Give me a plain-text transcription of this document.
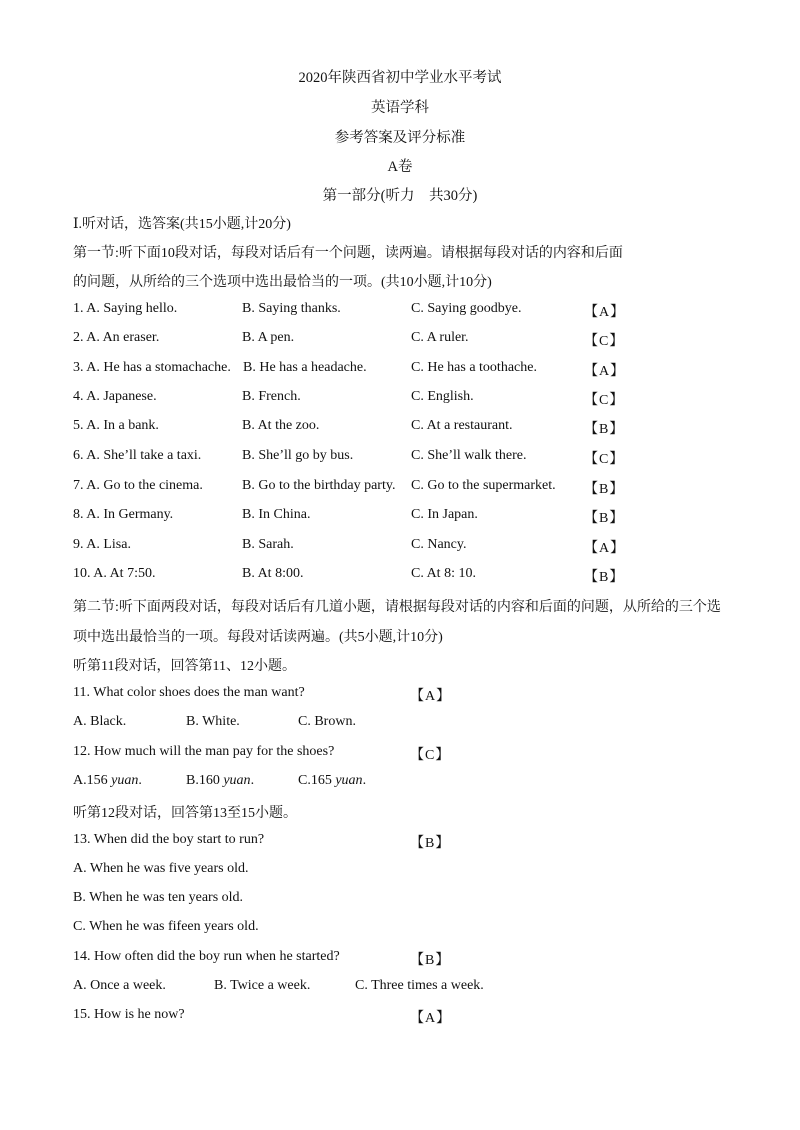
2020年陕西省初中学业水平考试
英语学科
参考答案及评分标准
A卷
第一部分(听力　共30分)
Ⅰ.听对话，选答案(共15小题,计20分)
第一节:听下面10段对话，每段对话后有一个问题，读两遍。请根据每段对话的内容和后面
的问题，从所给的三个选项中选出最恰当的一项。(共10小题,计10分)
1. A. Saying hello.	B. Saying thanks.	C. Saying goodbye.	【A】
2. A. An eraser.	B. A pen.	C. A ruler.	【C】
3. A. He has a stomachache. B. He has a headache.	C. He has a toothache.	【A】
4. A. Japanese.	B. French.	C. English.	【C】
5. A. In a bank.	B. At the zoo.	C. At a restaurant.	【B】
6. A. She’ll take a taxi.	B. She’ll go by bus.	C. She’ll walk there.	【C】
7. A. Go to the cinema.	B. Go to the birthday party. C. Go to the supermarket. 【B】
8. A. In Germany.	B. In China.	C. In Japan.	【B】
9. A. Lisa.	B. Sarah.	C. Nancy.	【A】
10. A. At 7:50.	B. At 8:00.	C. At 8: 10.	【B】
第二节:听下面两段对话，每段对话后有几道小题，请根据每段对话的内容和后面的问题，从所给的三个选
项中选出最恰当的一项。每段对话读两遍。(共5小题,计10分)
听第11段对话，回答第11、12小题。
11. What color shoes does the man want?	【A】
A. Black.	B. White.	C. Brown.
12. How much will the man pay for the shoes?	【C】
A.156 yuan.	B.160 yuan.	C.165 yuan.
听第12段对话，回答第13至15小题。
13. When did the boy start to run?	【B】
A. When he was five years old.
B. When he was ten years old.
C. When he was fifeen years old.
14. How often did the boy run when he started?	【B】
A. Once a week.	B. Twice a week.	C. Three times a week.
15. How is he now?	【A】
